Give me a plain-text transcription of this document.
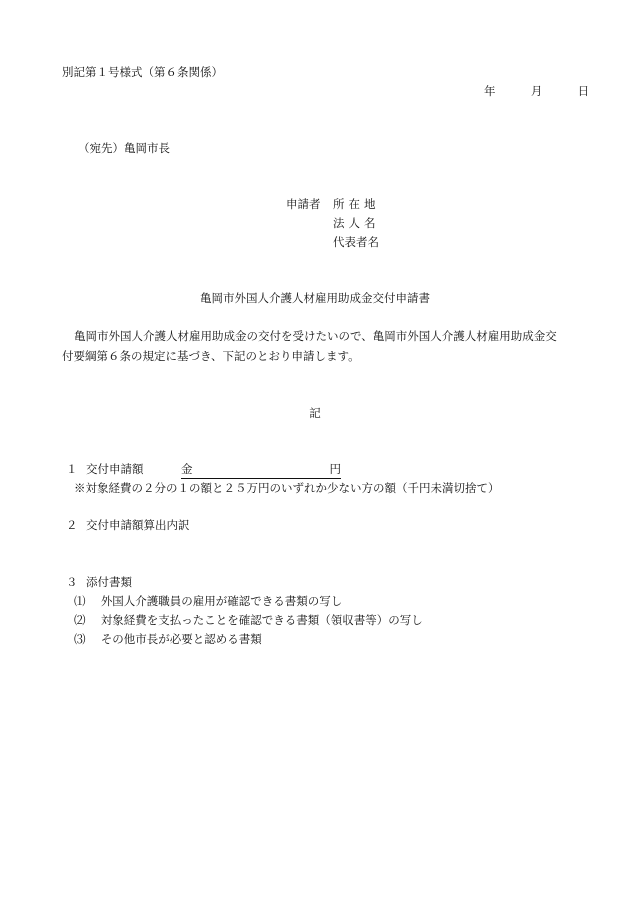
別記第１号様式（第６条関係）
年	月	日
（宛先）亀岡市長
申請者 所在地
法人名
代表者名
亀岡市外国人介護人材雇用助成金交付申請書
亀岡市外国人介護人材雇用助成金の交付を受けたいので、亀岡市外国人介護人材雇用助成金交
付要綱第６条の規定に基づき、下記のとおり申請します。
記
１ 交付申請額	金	円
※対象経費の２分の１の額と２５万円のいずれか少ない方の額（千円未満切捨て）
２ 交付申請額算出内訳
３ 添付書類
⑴ 外国人介護職員の雇用が確認できる書類の写し
⑵ 対象経費を支払ったことを確認できる書類（領収書等）の写し
⑶ その他市長が必要と認める書類
